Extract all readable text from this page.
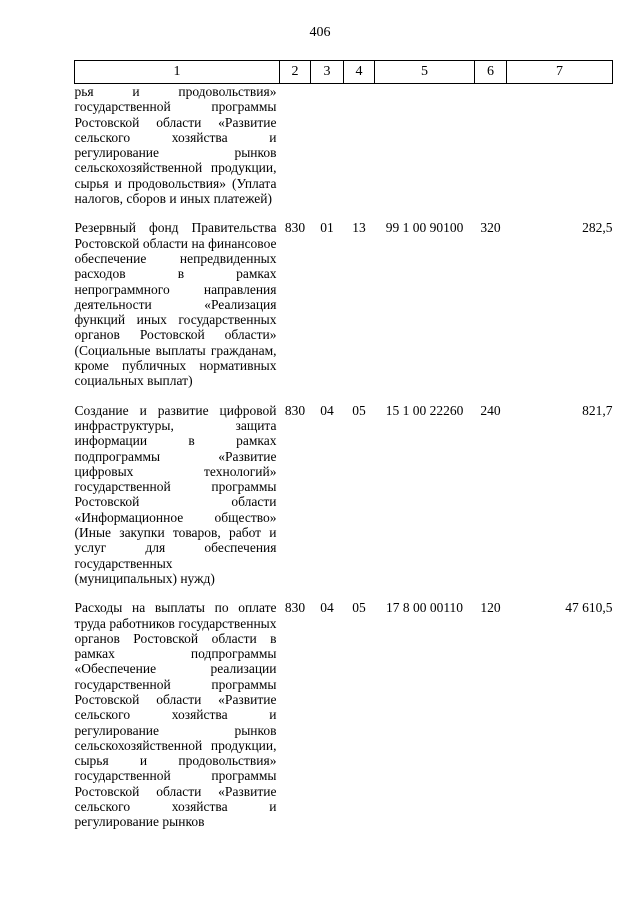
406
1	2	3	4	5	6	7
рья и продовольствия» государственной программы Ростовской области «Развитие сельского хозяйства и регулирование рынков сельскохозяйственной продукции, сырья и продовольствия» (Уплата налогов, сборов и иных платежей)						
Резервный фонд Правительства Ростовской области на финансовое обеспечение непредвиденных расходов в рамках непрограммного направления деятельности «Реализация функций иных государственных органов Ростовской области» (Социальные выплаты гражданам, кроме публичных нормативных социальных выплат)	830	01	13	99 1 00 90100	320	282,5
Создание и развитие цифровой инфраструктуры, защита информации в рамках подпрограммы «Развитие цифровых технологий» государственной программы Ростовской области «Информационное общество» (Иные закупки товаров, работ и услуг для обеспечения государственных (муниципальных) нужд)	830	04	05	15 1 00 22260	240	821,7
Расходы на выплаты по оплате труда работников государственных органов Ростовской области в рамках подпрограммы «Обеспечение реализации государственной программы Ростовской области «Развитие сельского хозяйства и регулирование рынков сельскохозяйственной продукции, сырья и продовольствия» государственной программы Ростовской области «Развитие сельского хозяйства и регулирование рынков	830	04	05	17 8 00 00110	120	47 610,5
